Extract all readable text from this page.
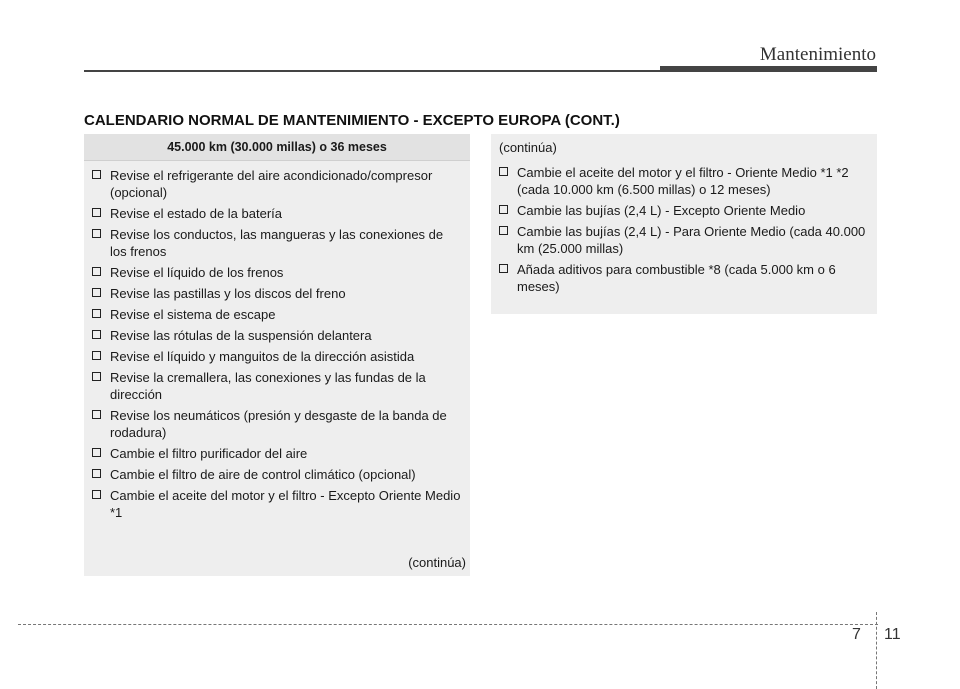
Mantenimiento
CALENDARIO NORMAL DE MANTENIMIENTO - EXCEPTO EUROPA (CONT.)
45.000 km (30.000 millas) o 36 meses
Revise el refrigerante del aire acondicionado/compresor (opcional)
Revise el estado de la batería
Revise los conductos, las mangueras y las conexiones de los frenos
Revise el líquido de los frenos
Revise las pastillas y los discos del freno
Revise el sistema de escape
Revise las rótulas de la suspensión delantera
Revise el líquido y manguitos de la dirección asistida
Revise la cremallera, las conexiones y las fundas de la dirección
Revise los neumáticos (presión y desgaste de la banda de rodadura)
Cambie el filtro purificador del aire
Cambie el filtro de aire de control climático (opcional)
Cambie el aceite del motor y el filtro - Excepto Oriente Medio *1
(continúa)
(continúa)
Cambie el aceite del motor y el filtro - Oriente Medio *1 *2 (cada 10.000 km (6.500 millas) o 12 meses)
Cambie las bujías (2,4 L) - Excepto Oriente Medio
Cambie las bujías (2,4 L) - Para Oriente Medio (cada 40.000 km (25.000 millas)
Añada aditivos para combustible *8 (cada 5.000 km o 6 meses)
7 11
